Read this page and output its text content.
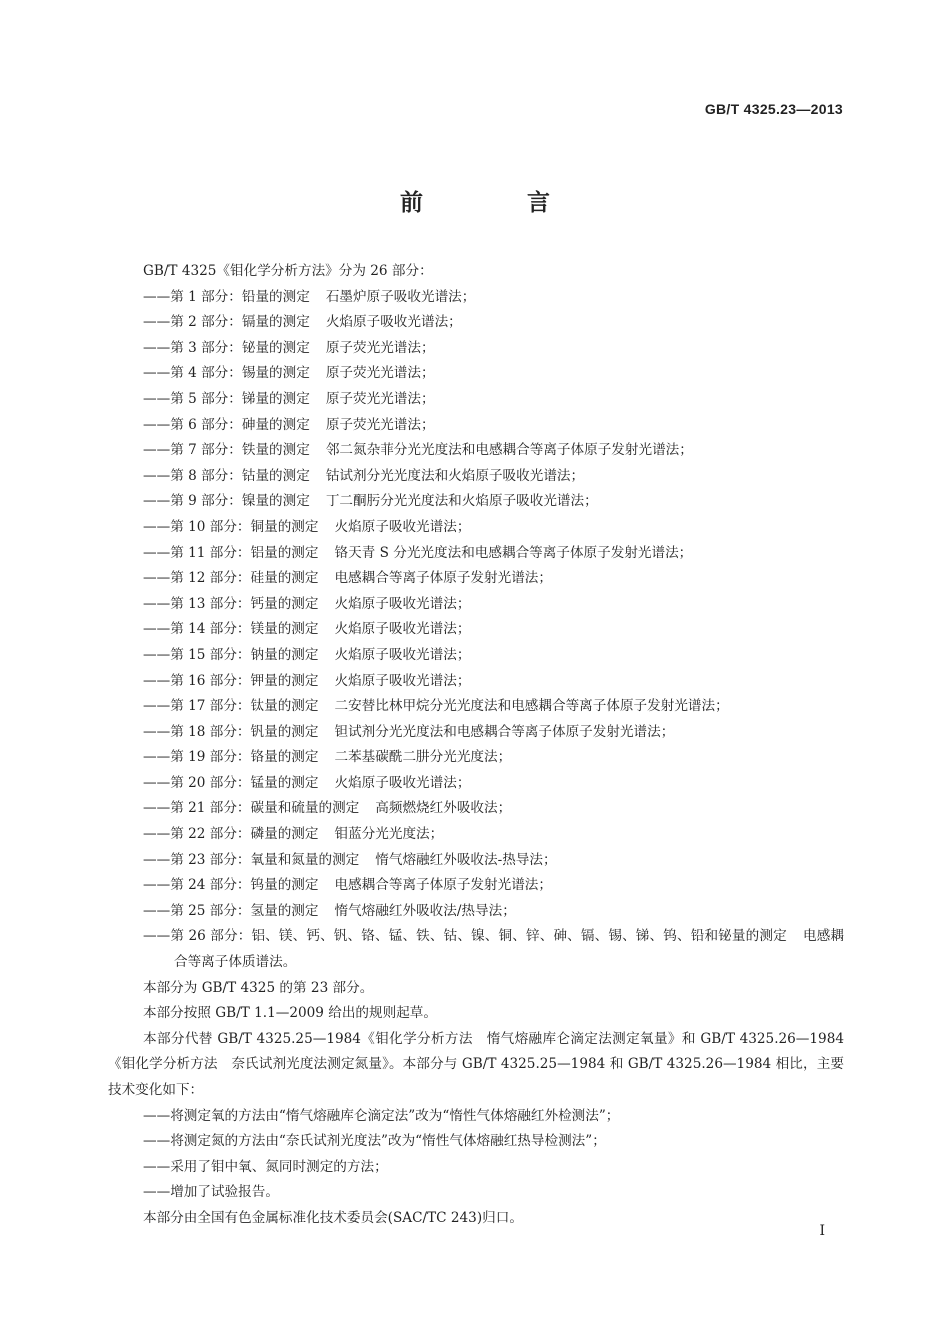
GB/T 4325.23—2013
前 言

GB/T 4325《钼化学分析方法》分为 26 部分：

——第 1 部分：铅量的测定 石墨炉原子吸收光谱法；

——第 2 部分：镉量的测定 火焰原子吸收光谱法；

——第 3 部分：铋量的测定 原子荧光光谱法；

——第 4 部分：锡量的测定 原子荧光光谱法；

——第 5 部分：锑量的测定 原子荧光光谱法；

——第 6 部分：砷量的测定 原子荧光光谱法；

——第 7 部分：铁量的测定 邻二氮杂菲分光光度法和电感耦合等离子体原子发射光谱法；

——第 8 部分：钴量的测定 钴试剂分光光度法和火焰原子吸收光谱法；

——第 9 部分：镍量的测定 丁二酮肟分光光度法和火焰原子吸收光谱法；

——第 10 部分：铜量的测定 火焰原子吸收光谱法；

——第 11 部分：铝量的测定 铬天青 S 分光光度法和电感耦合等离子体原子发射光谱法；

——第 12 部分：硅量的测定 电感耦合等离子体原子发射光谱法；

——第 13 部分：钙量的测定 火焰原子吸收光谱法；

——第 14 部分：镁量的测定 火焰原子吸收光谱法；

——第 15 部分：钠量的测定 火焰原子吸收光谱法；

——第 16 部分：钾量的测定 火焰原子吸收光谱法；

——第 17 部分：钛量的测定 二安替比林甲烷分光光度法和电感耦合等离子体原子发射光谱法；

——第 18 部分：钒量的测定 钽试剂分光光度法和电感耦合等离子体原子发射光谱法；

——第 19 部分：铬量的测定 二苯基碳酰二肼分光光度法；

——第 20 部分：锰量的测定 火焰原子吸收光谱法；

——第 21 部分：碳量和硫量的测定 高频燃烧红外吸收法；

——第 22 部分：磷量的测定 钼蓝分光光度法；

——第 23 部分：氧量和氮量的测定 惰气熔融红外吸收法-热导法；

——第 24 部分：钨量的测定 电感耦合等离子体原子发射光谱法；

——第 25 部分：氢量的测定 惰气熔融红外吸收法/热导法；

——第 26 部分：铝、镁、钙、钒、铬、锰、铁、钴、镍、铜、锌、砷、镉、锡、锑、钨、铅和铋量的测定 电感耦合等离子体质谱法。

本部分为 GB/T 4325 的第 23 部分。

本部分按照 GB/T 1.1—2009 给出的规则起草。

本部分代替 GB/T 4325.25—1984《钼化学分析方法　惰气熔融库仑滴定法测定氧量》和 GB/T 4325.26—1984《钼化学分析方法　奈氏试剂光度法测定氮量》。本部分与 GB/T 4325.25—1984 和 GB/T 4325.26—1984 相比，主要技术变化如下：

——将测定氧的方法由“惰气熔融库仑滴定法”改为“惰性气体熔融红外检测法”；

——将测定氮的方法由“奈氏试剂光度法”改为“惰性气体熔融红热导检测法”；

——采用了钼中氧、氮同时测定的方法；

——增加了试验报告。

本部分由全国有色金属标准化技术委员会(SAC/TC 243)归口。

I
